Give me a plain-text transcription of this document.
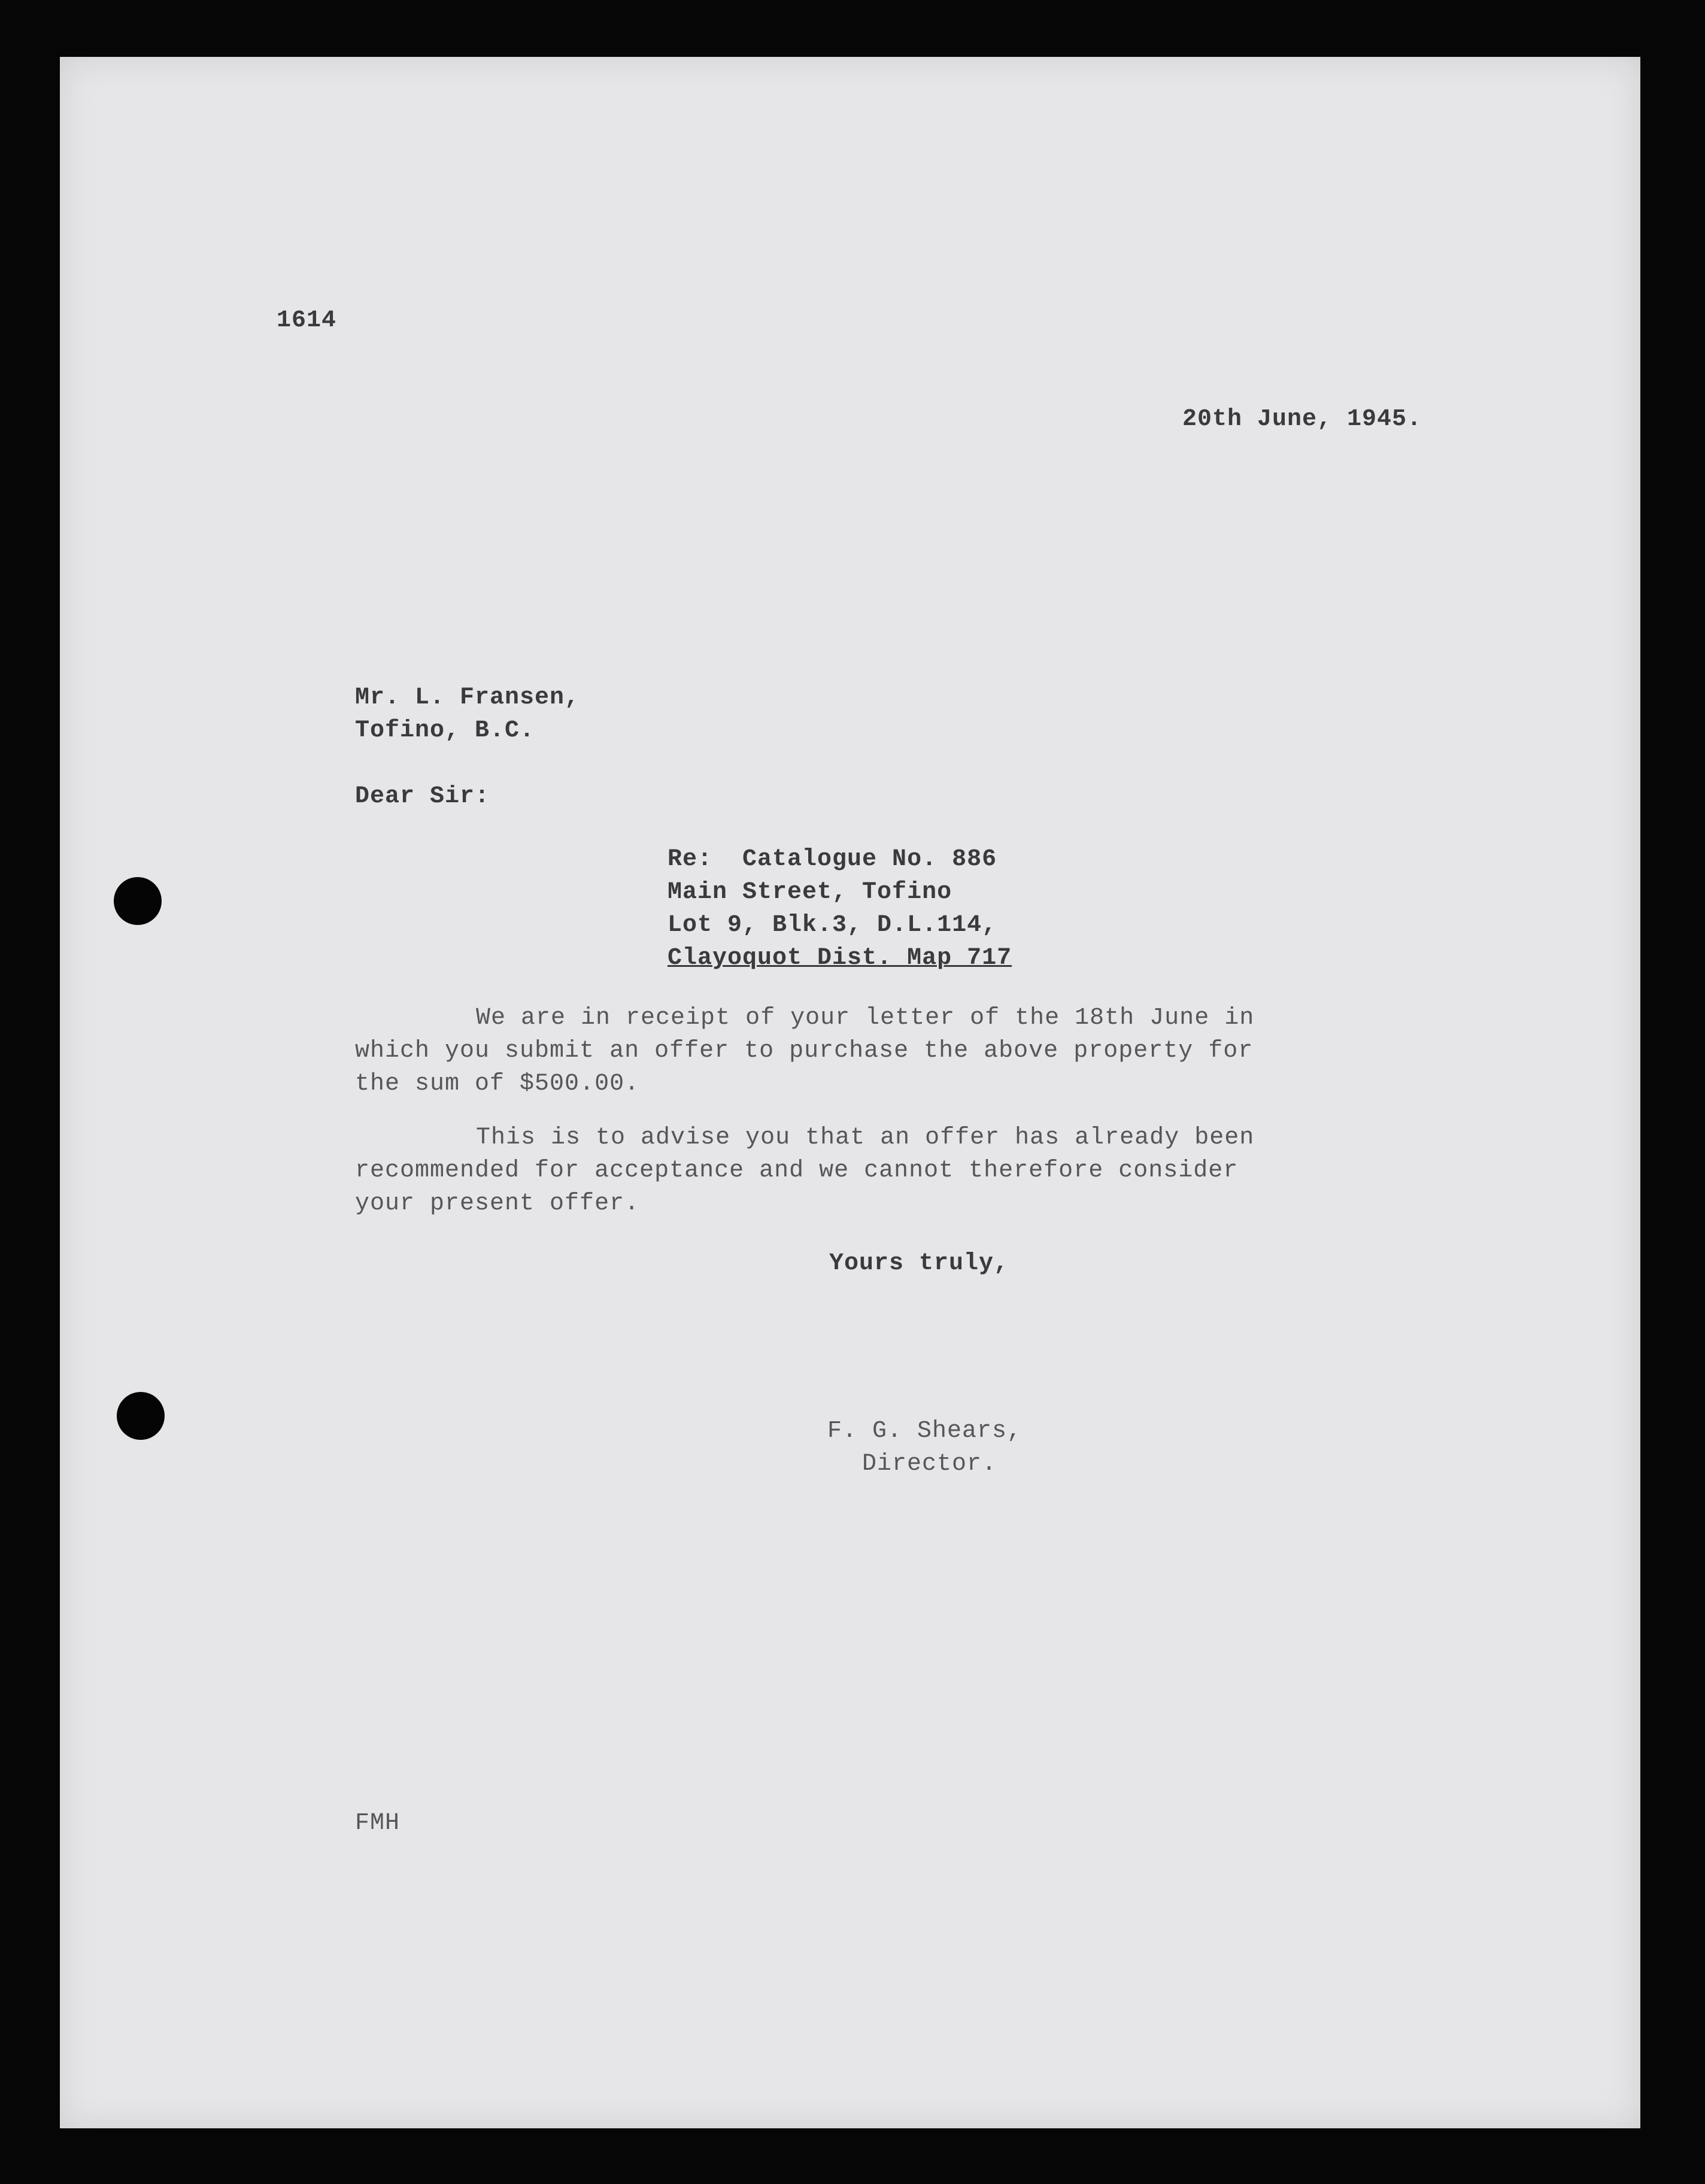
1614

20th June, 1945.

Mr. L. Fransen,

Tofino, B.C.

Dear Sir:

Re:  Catalogue No. 886

Main Street, Tofino

Lot 9, Blk.3, D.L.114,

Clayoquot Dist. Map 717

We are in receipt of your letter of the 18th June in

which you submit an offer to purchase the above property for

the sum of $500.00.

This is to advise you that an offer has already been

recommended for acceptance and we cannot therefore consider

your present offer.

Yours truly,

F. G. Shears,

Director.

FMH
